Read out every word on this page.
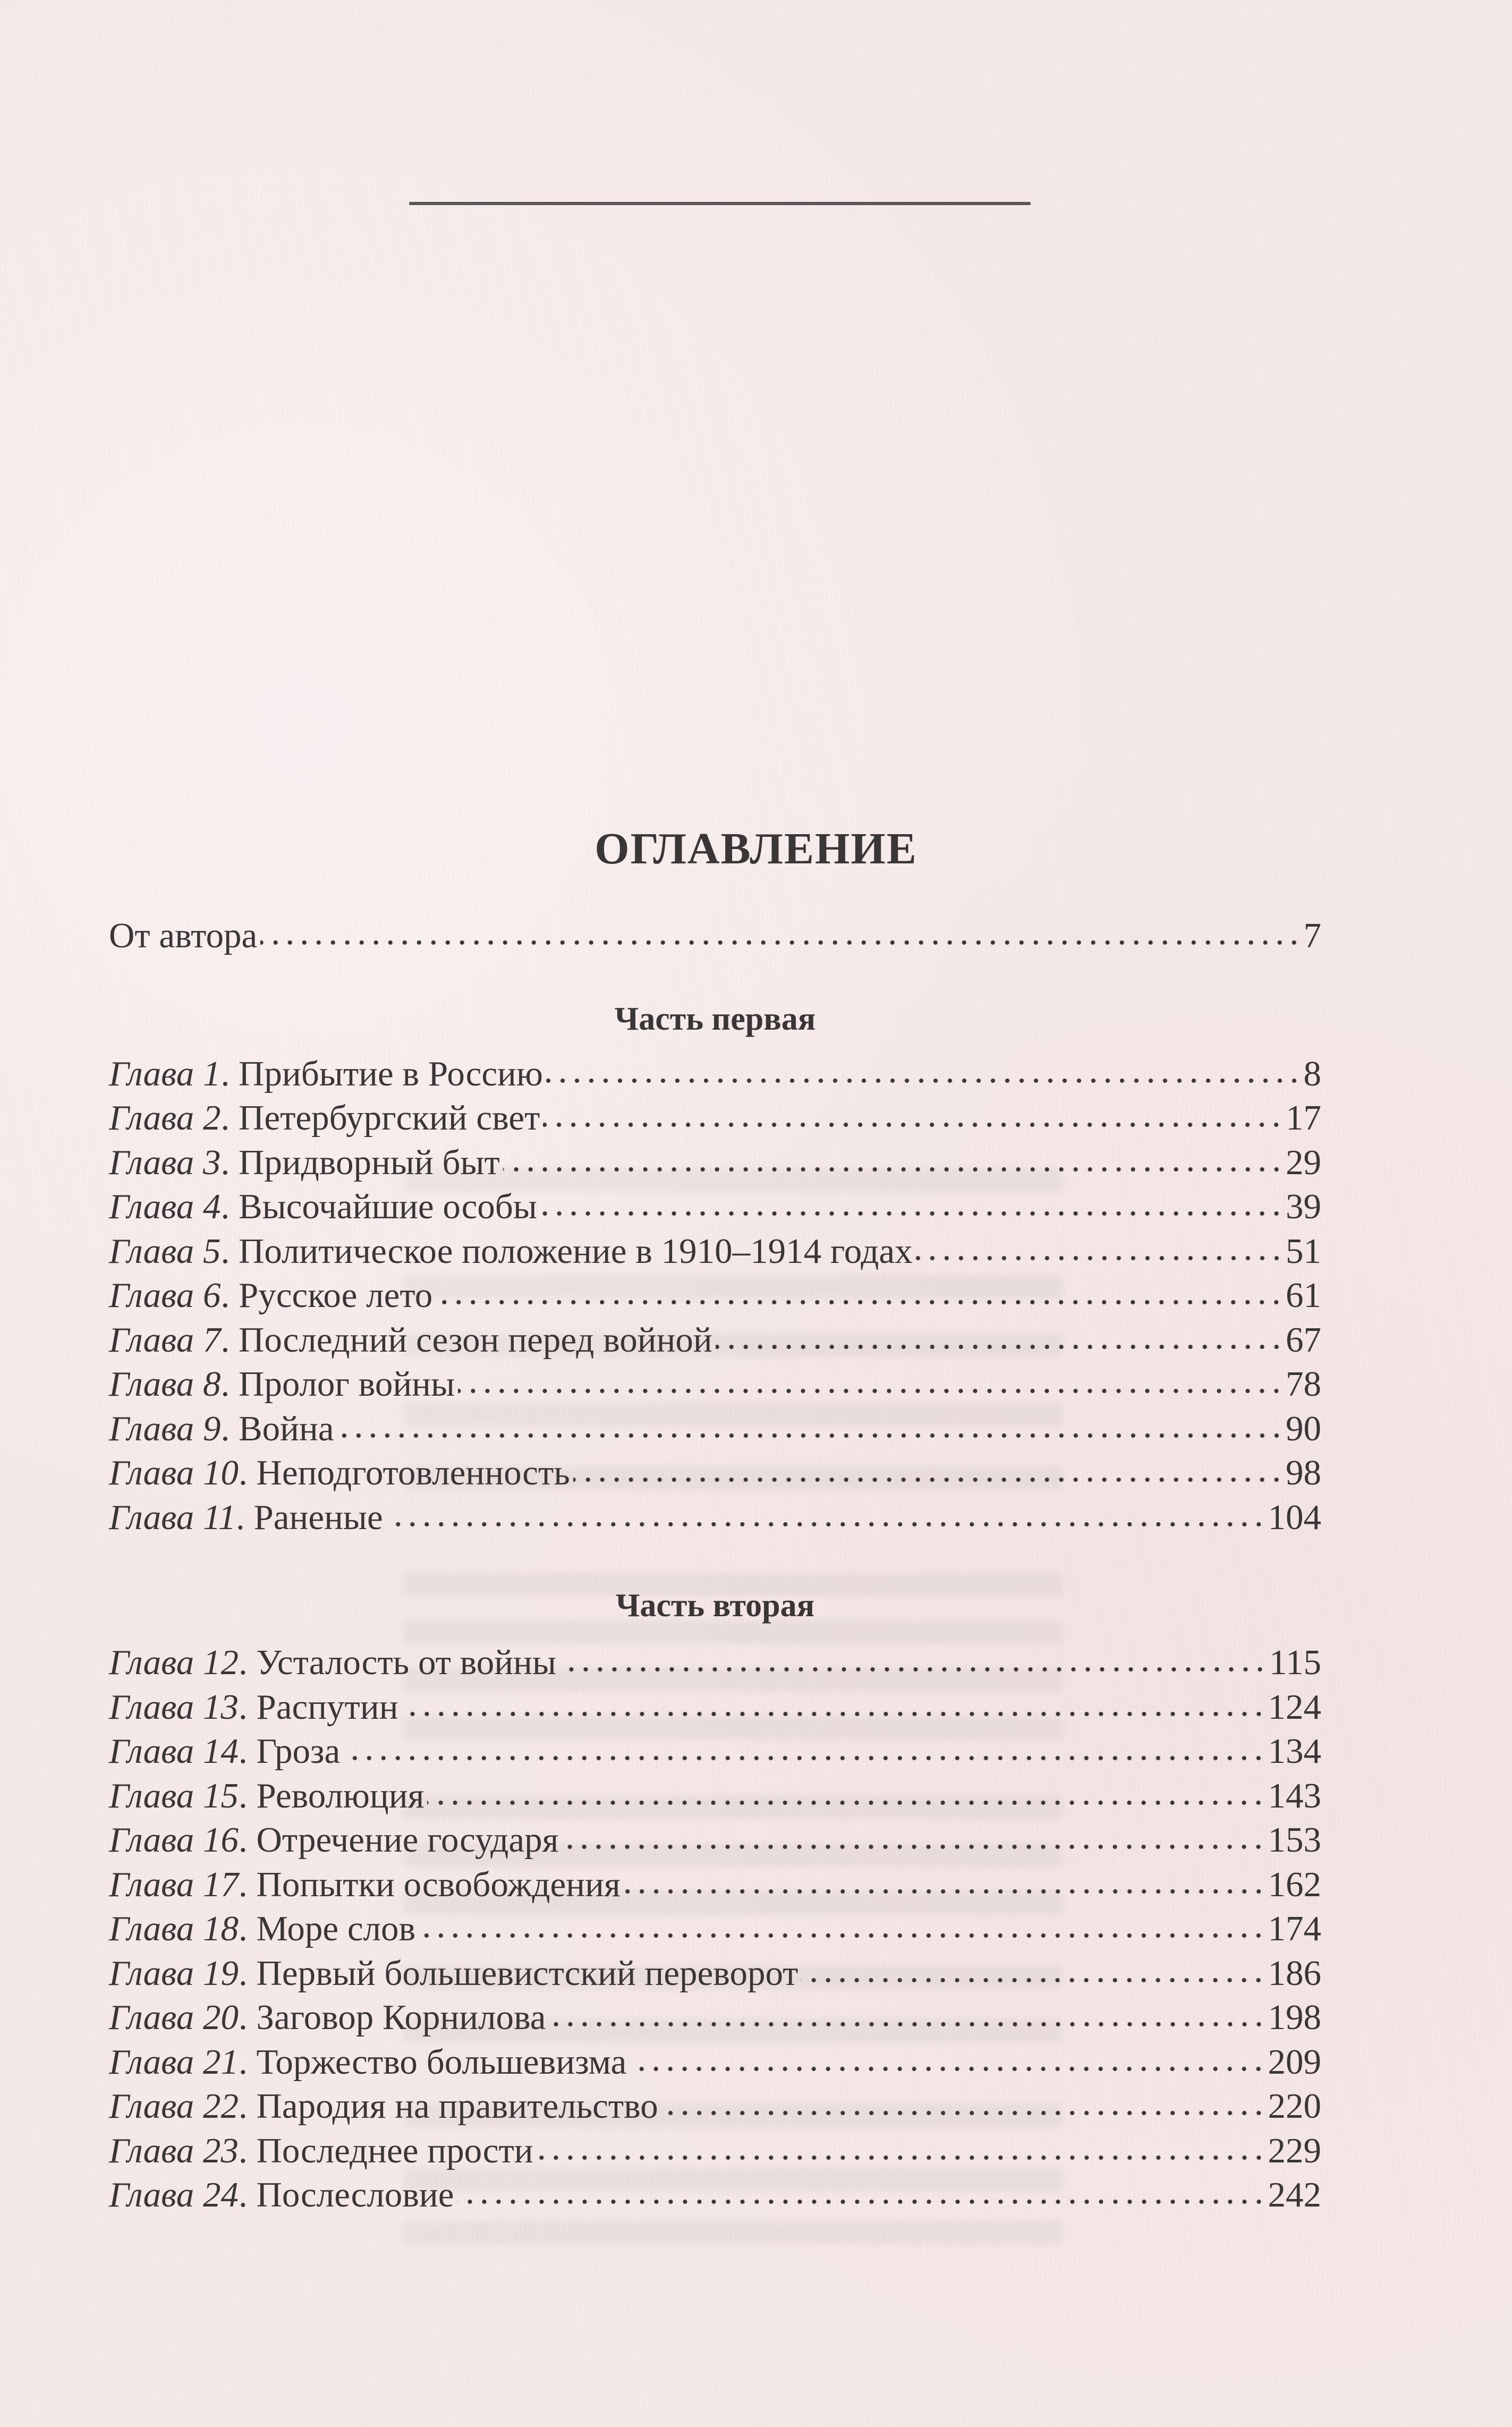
ОГЛАВЛЕНИЕ
От автора	7
Часть первая
Глава 1. Прибытие в Россию	8
Глава 2. Петербургский свет	17
Глава 3. Придворный быт	29
Глава 4. Высочайшие особы	39
Глава 5. Политическое положение в 1910–1914 годах	51
Глава 6. Русское лето	61
Глава 7. Последний сезон перед войной	67
Глава 8. Пролог войны	78
Глава 9. Война	90
Глава 10. Неподготовленность	98
Глава 11. Раненые	104
Часть вторая
Глава 12. Усталость от войны	115
Глава 13. Распутин	124
Глава 14. Гроза	134
Глава 15. Революция	143
Глава 16. Отречение государя	153
Глава 17. Попытки освобождения	162
Глава 18. Море слов	174
Глава 19. Первый большевистский переворот	186
Глава 20. Заговор Корнилова	198
Глава 21. Торжество большевизма	209
Глава 22. Пародия на правительство	220
Глава 23. Последнее прости	229
Глава 24. Послесловие	242
